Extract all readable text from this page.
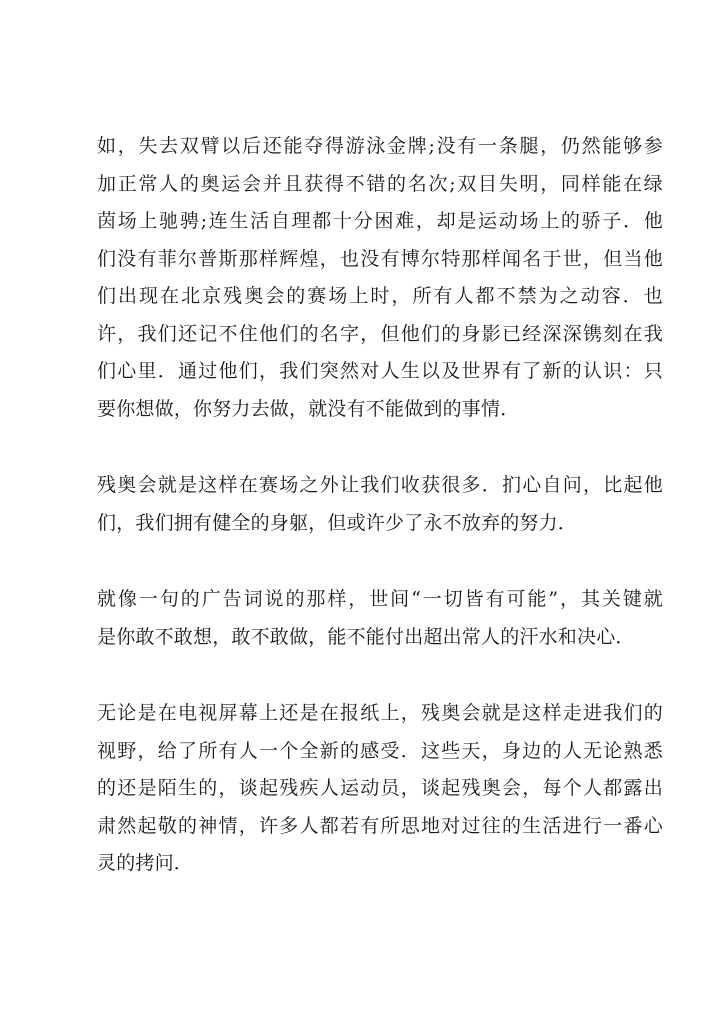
如，失去双臂以后还能夺得游泳金牌;没有一条腿，仍然能够参
加正常人的奥运会并且获得不错的名次;双目失明，同样能在绿
茵场上驰骋;连生活自理都十分困难，却是运动场上的骄子．他
们没有菲尔普斯那样辉煌，也没有博尔特那样闻名于世，但当他
们出现在北京残奥会的赛场上时，所有人都不禁为之动容．也
许，我们还记不住他们的名字，但他们的身影已经深深镌刻在我
们心里．通过他们，我们突然对人生以及世界有了新的认识：只
要你想做，你努力去做，就没有不能做到的事情．
残奥会就是这样在赛场之外让我们收获很多．扪心自问，比起他
们，我们拥有健全的身躯，但或许少了永不放弃的努力．
就像一句的广告词说的那样，世间“一切皆有可能”，其关键就
是你敢不敢想，敢不敢做，能不能付出超出常人的汗水和决心．
无论是在电视屏幕上还是在报纸上，残奥会就是这样走进我们的
视野，给了所有人一个全新的感受．这些天，身边的人无论熟悉
的还是陌生的，谈起残疾人运动员，谈起残奥会，每个人都露出
肃然起敬的神情，许多人都若有所思地对过往的生活进行一番心
灵的拷问．
